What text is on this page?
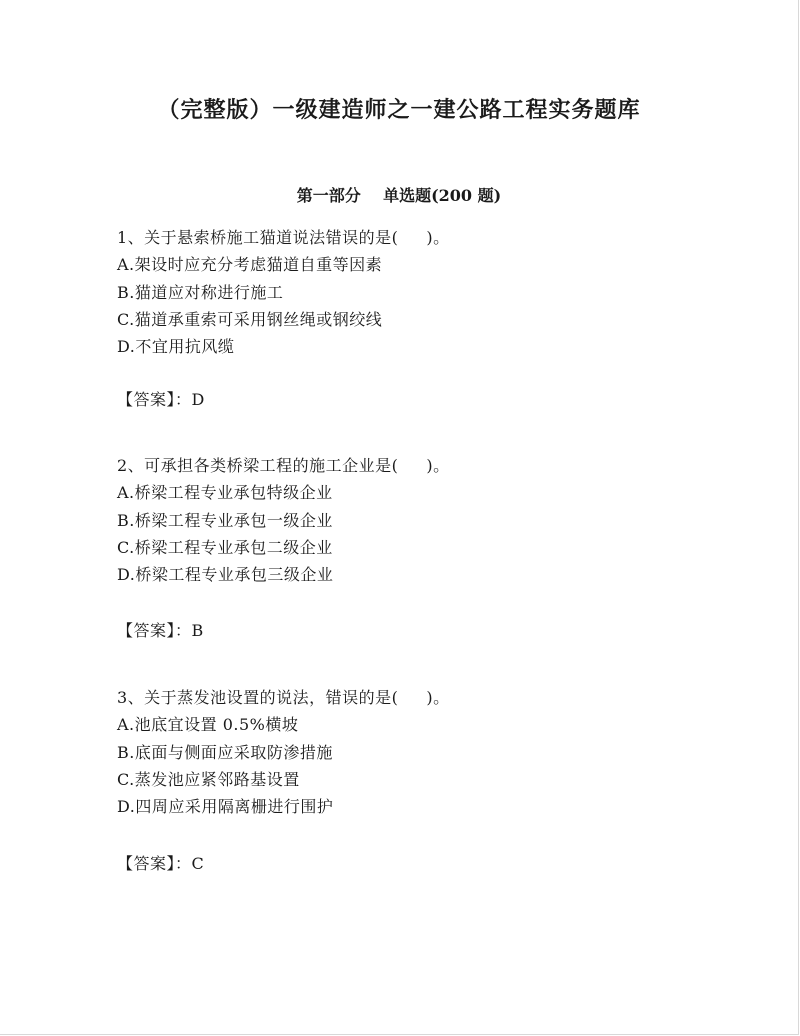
（完整版）一级建造师之一建公路工程实务题库
第一部分    单选题(200 题)
1、关于悬索桥施工猫道说法错误的是(     )。
A.架设时应充分考虑猫道自重等因素
B.猫道应对称进行施工
C.猫道承重索可采用钢丝绳或钢绞线
D.不宜用抗风缆
【答案】：D
2、可承担各类桥梁工程的施工企业是(     )。
A.桥梁工程专业承包特级企业
B.桥梁工程专业承包一级企业
C.桥梁工程专业承包二级企业
D.桥梁工程专业承包三级企业
【答案】：B
3、关于蒸发池设置的说法，错误的是(     )。
A.池底宜设置 0.5%横坡
B.底面与侧面应采取防渗措施
C.蒸发池应紧邻路基设置
D.四周应采用隔离栅进行围护
【答案】：C
